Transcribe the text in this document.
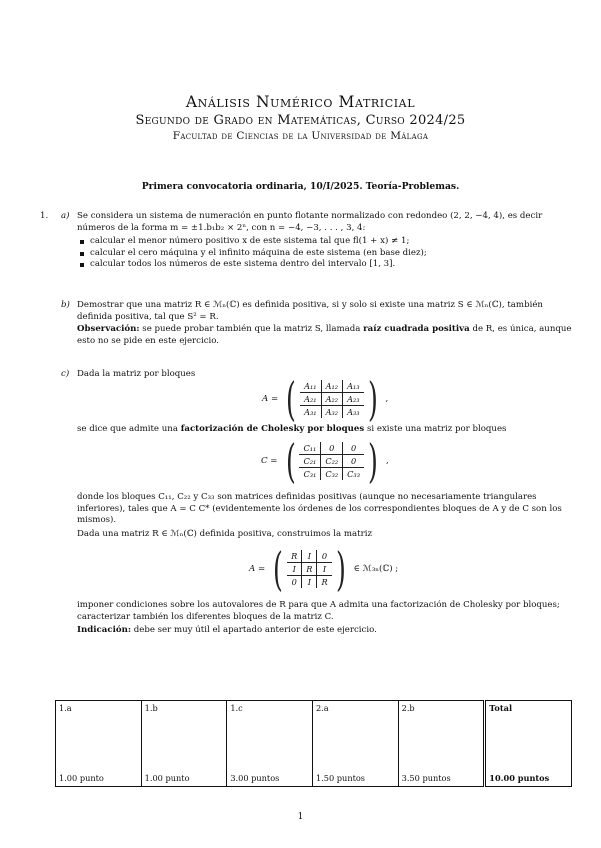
Análisis Numérico Matricial
Segundo de Grado en Matemáticas, Curso 2024/25
Facultad de Ciencias de la Universidad de Málaga
Primera convocatoria ordinaria, 10/I/2025. Teoría-Problemas.
1. a) Se considera un sistema de numeración en punto flotante normalizado con redondeo (2, 2, −4, 4), es decir números de la forma m = ±1.b₁b₂ × 2ⁿ, con n = −4, −3, . . . , 3, 4:
calcular el menor número positivo x de este sistema tal que fl(1 + x) ≠ 1;
calcular el cero máquina y el infinito máquina de este sistema (en base diez);
calcular todos los números de este sistema dentro del intervalo [1, 3].
b) Demostrar que una matriz R ∈ ℳₙ(ℂ) es definida positiva, si y solo si existe una matriz S ∈ ℳₙ(ℂ), también definida positiva, tal que S² = R.
Observación: se puede probar también que la matriz S, llamada raíz cuadrada positiva de R, es única, aunque esto no se pide en este ejercicio.
c) Dada la matriz por bloques
A = ( A₁₁	A₁₂	A₁₃
A₂₁	A₂₂	A₂₃
A₃₁	A₃₂	A₃₃ ) ,
se dice que admite una factorización de Cholesky por bloques si existe una matriz por bloques
C = ( C₁₁	0	0
C₂₁	C₂₂	0
C₃₁	C₃₂	C₃₃ ) ,
donde los bloques C₁₁, C₂₂ y C₃₃ son matrices definidas positivas (aunque no necesariamente triangulares inferiores), tales que A = C C* (evidentemente los órdenes de los correspondientes bloques de A y de C son los mismos).
Dada una matriz R ∈ ℳₙ(ℂ) definida positiva, construimos la matriz
A = ( R	I	0
I	R	I
0	I	R ) ∈ ℳ₃ₙ(ℂ) ;
imponer condiciones sobre los autovalores de R para que A admita una factorización de Cholesky por bloques; caracterizar también los diferentes bloques de la matriz C.
Indicación: debe ser muy útil el apartado anterior de este ejercicio.
1.a
1.00 punto

1.b
1.00 punto

1.c
3.00 puntos

2.a
1.50 puntos

2.b
3.50 puntos

Total
10.00 puntos
1
